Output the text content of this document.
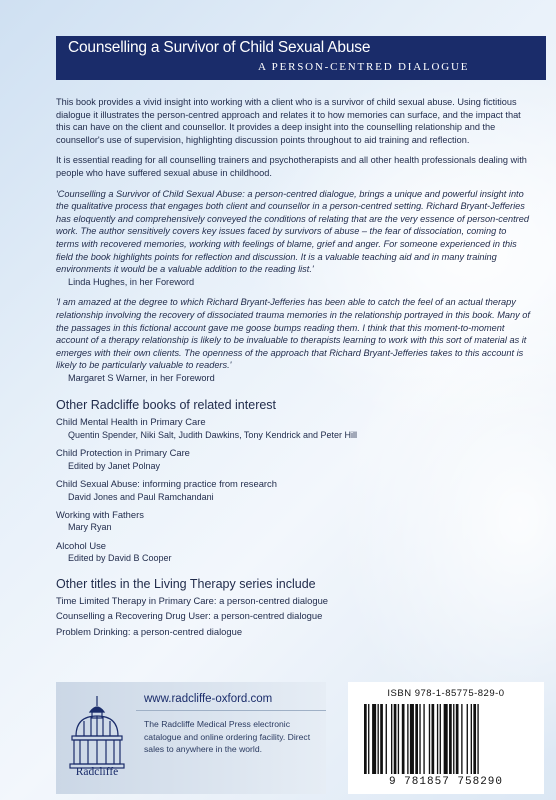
Counselling a Survivor of Child Sexual Abuse
A PERSON-CENTRED DIALOGUE

This book provides a vivid insight into working with a client who is a survivor of child sexual abuse. Using fictitious dialogue it illustrates the person-centred approach and relates it to how memories can surface, and the impact that this can have on the client and counsellor. It provides a deep insight into the counselling relationship and the counsellor's use of supervision, highlighting discussion points throughout to aid training and reflection.

It is essential reading for all counselling trainers and psychotherapists and all other health professionals dealing with people who have suffered sexual abuse in childhood.

'Counselling a Survivor of Child Sexual Abuse: a person-centred dialogue, brings a unique and powerful insight into the qualitative process that engages both client and counsellor in a person-centred setting. Richard Bryant-Jefferies has eloquently and comprehensively conveyed the conditions of relating that are the very essence of person-centred work. The author sensitively covers key issues faced by survivors of abuse – the fear of dissociation, coming to terms with recovered memories, working with feelings of blame, grief and anger. For someone experienced in this field the book highlights points for reflection and discussion. It is a valuable teaching aid and in many training environments it would be a valuable addition to the reading list.'

Linda Hughes, in her Foreword

'I am amazed at the degree to which Richard Bryant-Jefferies has been able to catch the feel of an actual therapy relationship involving the recovery of dissociated trauma memories in the relationship portrayed in this book. Many of the passages in this fictional account gave me goose bumps reading them. I think that this moment-to-moment account of a therapy relationship is likely to be invaluable to therapists learning to work with this sort of material as it emerges with their own clients. The openness of the approach that Richard Bryant-Jefferies takes to this account is likely to be particularly valuable to readers.'

Margaret S Warner, in her Foreword

Other Radcliffe books of related interest
Child Mental Health in Primary Care
Quentin Spender, Niki Salt, Judith Dawkins, Tony Kendrick and Peter Hill
Child Protection in Primary Care
Edited by Janet Polnay
Child Sexual Abuse: informing practice from research
David Jones and Paul Ramchandani
Working with Fathers
Mary Ryan
Alcohol Use
Edited by David B Cooper
Other titles in the Living Therapy series include
Time Limited Therapy in Primary Care: a person-centred dialogue
Counselling a Recovering Drug User: a person-centred dialogue
Problem Drinking: a person-centred dialogue
Radcliffe
www.radcliffe-oxford.com
The Radcliffe Medical Press electronic catalogue and online ordering facility. Direct sales to anywhere in the world.
ISBN 978-1-85775-829-0
9 781857 758290
